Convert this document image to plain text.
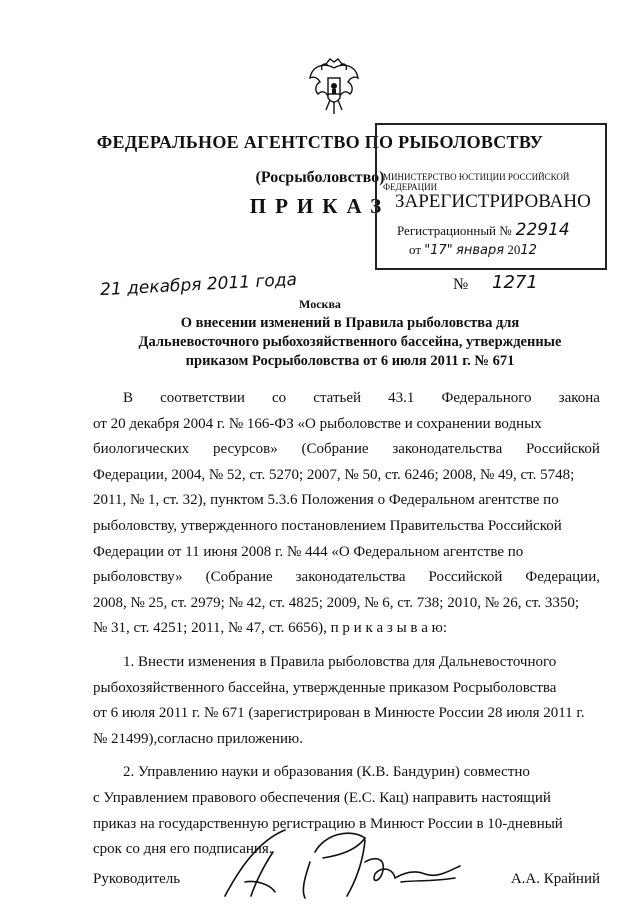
ФЕДЕРАЛЬНОЕ АГЕНТСТВО ПО РЫБОЛОВСТВУ
(Росрыболовство)
ПРИКАЗ
МИНИСТЕРСТВО ЮСТИЦИИ РОССИЙСКОЙ ФЕДЕРАЦИИ
ЗАРЕГИСТРИРОВАНО
Регистрационный № 22914
от "17" января 2012
21 декабря 2011 года	№ 1271
Москва
О внесении изменений в Правила рыболовства для
Дальневосточного рыбохозяйственного бассейна, утвержденные
приказом Росрыболовства от 6 июля 2011 г. № 671
В соответствии со статьей 43.1 Федерального закона
от 20 декабря 2004 г. № 166-ФЗ «О рыболовстве и сохранении водных
биологических ресурсов» (Собрание законодательства Российской
Федерации, 2004, № 52, ст. 5270; 2007, № 50, ст. 6246; 2008, № 49, ст. 5748;
2011, № 1, ст. 32), пунктом 5.3.6 Положения о Федеральном агентстве по
рыболовству, утвержденного постановлением Правительства Российской
Федерации от 11 июня 2008 г. № 444 «О Федеральном агентстве по
рыболовству» (Собрание законодательства Российской Федерации,
2008, № 25, ст. 2979; № 42, ст. 4825; 2009, № 6, ст. 738; 2010, № 26, ст. 3350;
№ 31, ст. 4251; 2011, № 47, ст. 6656), п р и к а з ы в а ю:
1. Внести изменения в Правила рыболовства для Дальневосточного
рыбохозяйственного бассейна, утвержденные приказом Росрыболовства
от 6 июля 2011 г. № 671 (зарегистрирован в Минюсте России 28 июля 2011 г.
№ 21499),согласно приложению.
2. Управлению науки и образования (К.В. Бандурин) совместно
с Управлением правового обеспечения (Е.С. Кац) направить настоящий
приказ на государственную регистрацию в Минюст России в 10-дневный
срок со дня его подписания.
Руководитель	А.А. Крайний
